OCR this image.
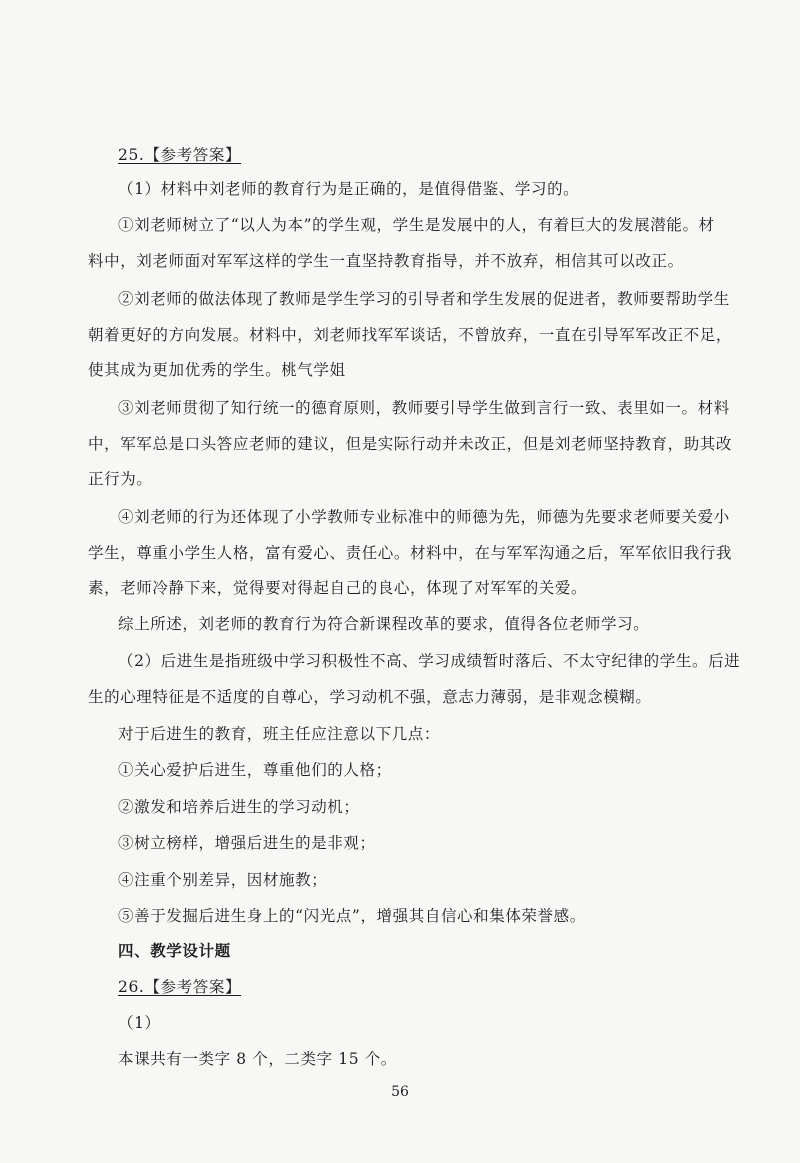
25.【参考答案】
（1）材料中刘老师的教育行为是正确的，是值得借鉴、学习的。
①刘老师树立了“以人为本”的学生观，学生是发展中的人，有着巨大的发展潜能。材
料中，刘老师面对军军这样的学生一直坚持教育指导，并不放弃，相信其可以改正。
②刘老师的做法体现了教师是学生学习的引导者和学生发展的促进者，教师要帮助学生
朝着更好的方向发展。材料中，刘老师找军军谈话，不曾放弃，一直在引导军军改正不足，
使其成为更加优秀的学生。桃气学姐
③刘老师贯彻了知行统一的德育原则，教师要引导学生做到言行一致、表里如一。材料
中，军军总是口头答应老师的建议，但是实际行动并未改正，但是刘老师坚持教育，助其改
正行为。
④刘老师的行为还体现了小学教师专业标准中的师德为先，师德为先要求老师要关爱小
学生，尊重小学生人格，富有爱心、责任心。材料中，在与军军沟通之后，军军依旧我行我
素，老师冷静下来，觉得要对得起自己的良心，体现了对军军的关爱。
综上所述，刘老师的教育行为符合新课程改革的要求，值得各位老师学习。
（2）后进生是指班级中学习积极性不高、学习成绩暂时落后、不太守纪律的学生。后进
生的心理特征是不适度的自尊心，学习动机不强，意志力薄弱，是非观念模糊。
对于后进生的教育，班主任应注意以下几点：
①关心爱护后进生，尊重他们的人格；
②激发和培养后进生的学习动机；
③树立榜样，增强后进生的是非观；
④注重个别差异，因材施教；
⑤善于发掘后进生身上的“闪光点”，增强其自信心和集体荣誉感。
四、教学设计题
26.【参考答案】
（1）
本课共有一类字 8 个，二类字 15 个。
56
